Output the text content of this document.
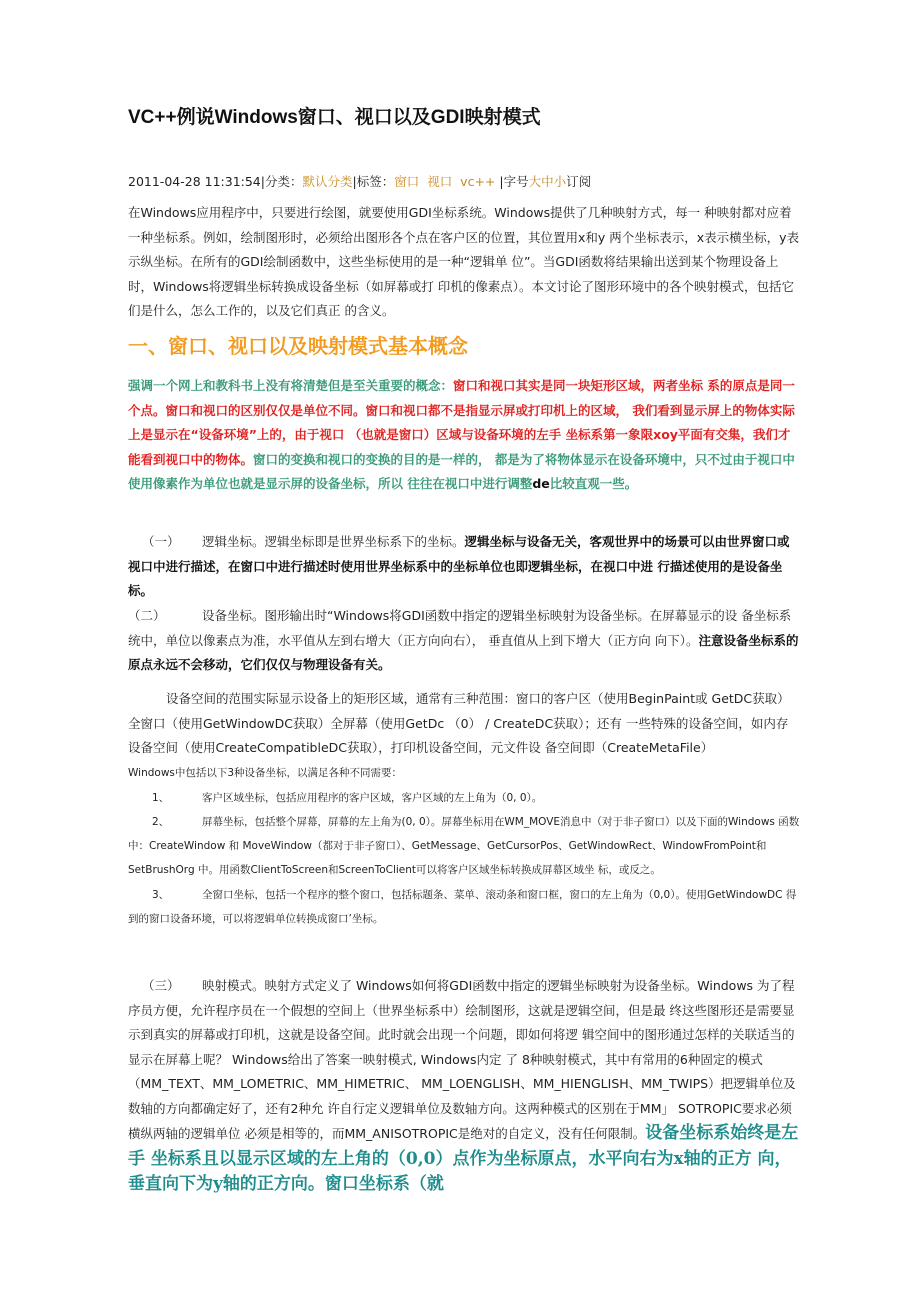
VC++例说Windows窗口、视口以及GDI映射模式
2011-04-28 11:31:54|分类：默认分类|标签：窗口 视口 vc++ |字号大中小订阅
在Windows应用程序中，只要进行绘图，就要使用GDI坐标系统。Windows提供了几种映射方式，每一 种映射都对应着一种坐标系。例如，绘制图形时，必须给出图形各个点在客户区的位置，其位置用x和y 两个坐标表示，x表示横坐标，y表示纵坐标。在所有的GDI绘制函数中，这些坐标使用的是一种“逻辑单 位”。当GDI函数将结果输出送到某个物理设备上时，Windows将逻辑坐标转换成设备坐标（如屏幕或打 印机的像素点）。本文讨论了图形环境中的各个映射模式，包括它们是什么，怎么工作的，以及它们真正 的含义。
一、窗口、视口以及映射模式基本概念
强调一个网上和教科书上没有将清楚但是至关重要的概念：窗口和视口其实是同一块矩形区域，两者坐标 系的原点是同一个点。窗口和视口的区别仅仅是单位不同。窗口和视口都不是指显示屏或打印机上的区域， 我们看到显示屏上的物体实际上是显示在“设备环境”上的，由于视口 （也就是窗口）区域与设备环境的左手 坐标系第一象限xoy平面有交集，我们才能看到视口中的物体。窗口的变换和视口的变换的目的是一样的， 都是为了将物体显示在设备环境中，只不过由于视口中使用像素作为单位也就是显示屏的设备坐标，所以 往往在视口中进行调整de比较直观一些。
（一） 逻辑坐标。逻辑坐标即是世界坐标系下的坐标。逻辑坐标与设备无关，客观世界中的场景可以由世界窗口或视口中进行描述，在窗口中进行描述时使用世界坐标系中的坐标单位也即逻辑坐标，在视口中进 行描述使用的是设备坐标。
（二）	设备坐标。图形输出时“Windows将GDI函数中指定的逻辑坐标映射为设备坐标。在屏幕显示的设 备坐标系统中，单位以像素点为准，水平值从左到右增大（正方向向右）， 垂直值从上到下增大（正方向 向下）。注意设备坐标系的原点永远不会移动，它们仅仅与物理设备有关。
设备空间的范围实际显示设备上的矩形区域，通常有三种范围：窗口的客户区（使用BeginPaint或 GetDC获取）全窗口（使用GetWindowDC获取）全屏幕（使用GetDc （0） / CreateDC获取）；还有 一些特殊的设备空间，如内存设备空间（使用CreateCompatibleDC获取），打印机设备空间，元文件设 备空间即（CreateMetaFile）
Windows中包括以下3种设备坐标，以满足各种不同需要：
1、	客户区域坐标，包括应用程序的客户区域，客户区域的左上角为（0, 0）。
2、	屏幕坐标，包括整个屏幕，屏幕的左上角为(0, 0）。屏幕坐标用在WM_MOVE消息中（对于非子窗口）以及下面的Windows 函数中：CreateWindow 和 MoveWindow（都对于非子窗口）、GetMessage、GetCursorPos、GetWindowRect、WindowFromPoint和SetBrushOrg 中。用函数ClientToScreen和ScreenToClient可以将客户区域坐标转换成屏幕区域坐 标，或反之。
3、	全窗口坐标，包括一个程序的整个窗口，包括标题条、菜单、滚动条和窗口框，窗口的左上角为（0,0）。使用GetWindowDC 得到的窗口设备环境，可以将逻辑单位转换成窗口’坐标。
（三） 映射模式。映射方式定义了 Windows如何将GDI函数中指定的逻辑坐标映射为设备坐标。Windows 为了程序员方便，允许程序员在一个假想的空间上（世界坐标系中）绘制图形，这就是逻辑空间，但是最 终这些图形还是需要显示到真实的屏幕或打印机，这就是设备空间。此时就会出现一个问题，即如何将逻 辑空间中的图形通过怎样的关联适当的显示在屏幕上呢？ Windows给出了答案一映射模式, Windows内定 了 8种映射模式，其中有常用的6种固定的模式（MM_TEXT、MM_LOMETRIC、MM_HIMETRIC、 MM_LOENGLISH、MM_HIENGLISH、MM_TWIPS）把逻辑单位及数轴的方向都确定好了，还有2种允 许自行定义逻辑单位及数轴方向。这两种模式的区别在于MM」 SOTROPIC要求必须横纵两轴的逻辑单位 必须是相等的，而MM_ANISOTROPIC是绝对的自定义，没有任何限制。设备坐标系始终是左手 坐标系且以显示区域的左上角的（0,0）点作为坐标原点，水平向右为x轴的正方 向，垂直向下为y轴的正方向。窗口坐标系（就
